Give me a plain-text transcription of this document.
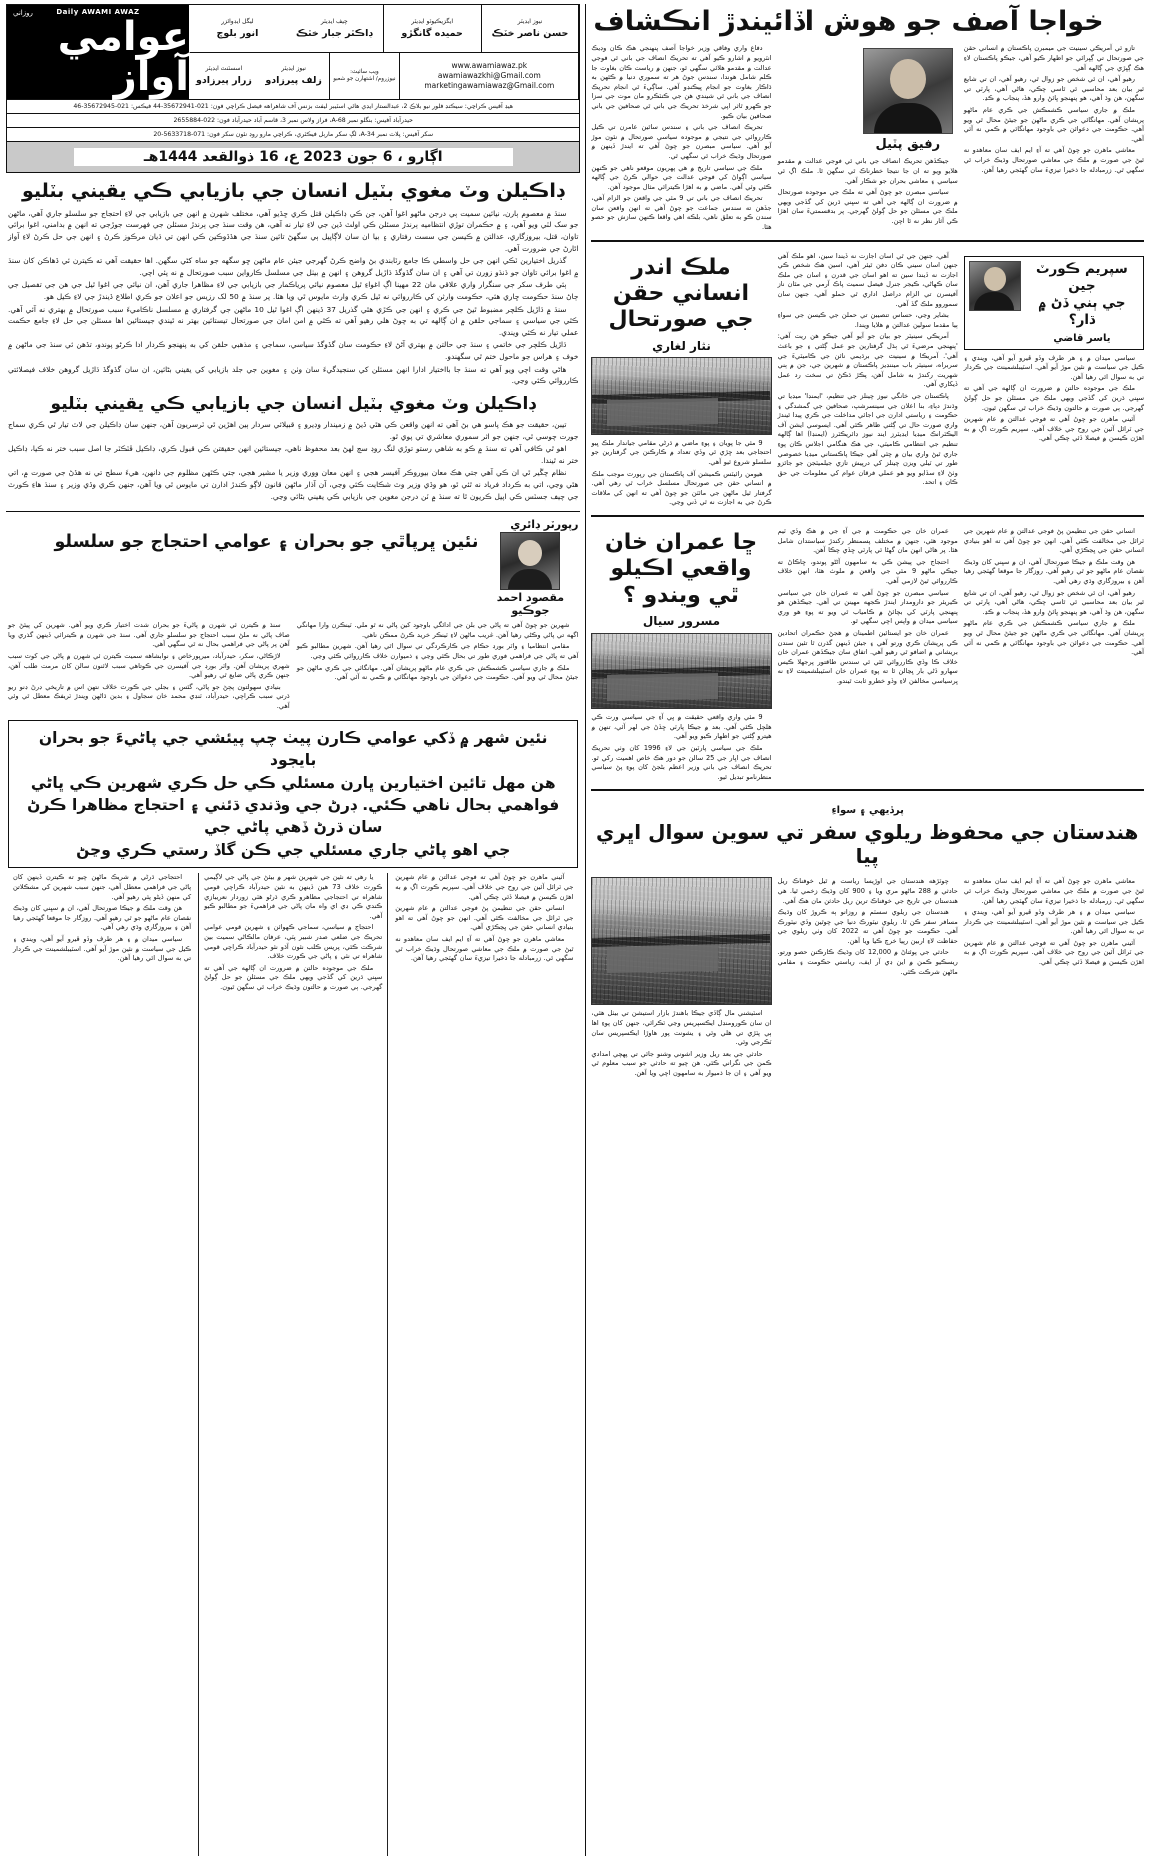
روزاني	Daily AWAMI AWAZ
عوامي آواز
ليگل ايڊوائزر
انور بلوچ
چيف ايڊيٽر
ڊاڪٽر جبار خٽڪ
ايگزيڪيوٽو ايڊيٽر
حميده گانگڙو
نيوز ايڊيٽر
حسن ناصر خٽڪ
اسسٽنٽ ايڊيٽر
زرار پيرزادو
نيوز ايڊيٽر
زلف پيرزادو
ويب سائيٽ:
نيوزروم/ اشتهارن جو شعبو
www.awamiawaz.pk
awamiawazkhi@Gmail.com
marketingawamiawaz@Gmail.com
هيڊ آفيس ڪراچي: سيڪنڊ فلور نيو بلاڪ 2، عبدالستار ايڊي هائي اسٽيبر ليفٽ بزنس آف شاهراهه فيصل ڪراچي فون: 021-35672941-44 فيڪس: 021-35672945-46
حيدرآباد آفيس: بنگلو نمبر A-68، فراز ولاس نمبر 3، قاسم آباد حيدرآباد فون: 022-2655884
سکر آفيس: پلاٽ نمبر A-34، لڳ سکر ماربل فيڪٽري، ڪراچي مارو روڊ نئون سکر فون: 071-5633718-20
اڳارو ، 6 جون 2023 ع، 16 ذوالقعد 1444هـ
ڊاڪيلن وٽ مغوي بٽيل انسان جي بازيابي ڪي يقيني بٽليو

سنڌ ۾ معصوم ٻارن، نيائين سميت ٻي درجن ماڻهو اغوا آهن، جن ڪي ڊاڪيلن قتل ڪري ڇڏيو آهي، مختلف شهرن ۾ انهن جي بازيابي جي لاءِ احتجاج جو سلسلو جاري آهي، ماڻهن جو سک لٽي ويو آهي، ۽ ۾ حڪمران توڙي انتظاميه ٻرندڙ مسئلن ڪي اولٽ ڏين جي لاءِ تيار نه آهي، هن وقت سنڌ جي ٻرندڙ مسئلن جي فهرست جوڙجي ته انهن ۾ بدامني، اغوا برائي تاوان، قتل، بيروزگاري، عدالتن ۾ ڪيسن جي سست رفتاري ۽ بيا ان سان لاڳاپيل ٻي سگهڻ تائين سنڌ جي هڏڏوڪين ڪي انهن تي ڌيان مرڪوز ڪرڻ ۽ انهن جي حل ڪرڻ لاءِ آواز اٿارڻ جي ضرورت آهي.

گذريل اختيارين ٽڪي انهن جي حل واسطي ڪا جامع رٽابندي بڻ واضح ڪرڻ گهرجي جيئن عام ماڻهن ڇو سگهه جو ساه کڻي سگهن. اها حقيقت آهي ته ڪيترن ئي ڏهاڪن کان سنڌ ۾ اغوا برائي تاوان جو ڌنڌو زورن تي آهي ۽ ان سان گڏوگڏ ڌاڙيل گروهن ۽ انهن ۾ بيٺل جي مسلسل ڪارواين سبب صورتحال ۾ نه پئي اچي.

ٻئي طرف سکر جي سنگرار واري علاقي مان 22 مهينا اڳ اغواءِ ٿيل معصوم نيائي پرياڪمار جي بازيابي جي لاءِ مظاهرا جاري آهن، ان نيائي جي اغوا ٿيل جي هن جي تفصيل جي ڄاڻ سنڌ حڪومت ڇاري هئي، حڪومت وارثن کي ڪارروائي نه ٿيل ڪري وارث مايوس ٿي ويا هئا. پر سنڌ ۾ 50 لک رزيس جو اعلان جو ڪري اطلاع ڏيندڙ جي لاءِ ڪيل هو.

سنڌ ۾ ڌاڙيل ڪلچر مضبوط ٿيڻ جي ڪري ۽ انهن جي ڪڙي هٿي گذريل 37 ڏينهن اڳ اغوا ٿيل 10 ماڻهن جي گرفتاري ۾ مسلسل ناڪاميءَ سبب صورتحال ۾ بهتري نه آئي آهي. ڪٿي جي سياسي ۽ سماجي حلقن ۾ ان ڳالهه تي به چوڻ هلي رهيو آهي ته ڪٿي ۾ امن امان جي صورتحال تيستائين بهتر نه ٿيندي جيستائين اها مسئلن جي حل لاءِ جامع حڪمت عملي تيار نه ڪئي ويندي.

ڌاڙيل ڪلچر جي خاتمي ۽ سنڌ جي حالتن ۾ بهتري آڻڻ لاءِ حڪومت سان گڏوگڏ سياسي، سماجي ۽ مذهبي حلقن کي به پنهنجو ڪردار ادا ڪرڻو پوندو، تڏهن ئي سنڌ جي ماڻهن ۾ خوف ۽ هراس جو ماحول ختم ٿي سگهندو.

هاڻي وقت اچي ويو آهي ته سنڌ جا بااختيار ادارا انهن مسئلن کي سنجيدگيءَ سان وٺن ۽ مغوين جي جلد بازيابي کي يقيني بڻائين، ان سان گڏوگڏ ڌاڙيل گروهن خلاف فيصلائتي ڪارروائي ڪئي وڃي.

ڊاڪيلن وٽ مغوي بٽيل انسان جي بازيابي ڪي يقيني بٽليو

تيبن، حقيقت جو هڪ پاسو هي بڻ آهي ته انهن واقعن ڪي هٿي ڏيڻ ۾ زميندار وڊيرو ۽ قبيلائي سردار ٻين اهڙين ٿي ٽرسريون آهن، جنهن سان ڊاڪيلن جي لاٽ تيار ٿي ڪري سماج جورت چوسي ٿي، جنهن جو اثر سموري معاشري تي پوي ٿو.

اهو ٿي ڪافي آهي ته سنڌ ۾ ڪو به شاهي رستو توڙي لنگ روڊ سڄ لهڻ بعد محفوظ ناهي، جيستائين انهن حقيقتن ڪي قبول ڪري، ڊاڪيل ڦٽڪٽر جا اصل سبب ختر نه ڪيا، ڊاڪيل ختر نه ٿيندا.

نظام چڱير ٿي ان ڪي آهي جتي هڪ معان بيوروڪر آفيسر هجي ۽ انهن معان ووري وزير يا مشير هجي، جتي ڪٿهن مظلوم جي دانهن، هيءَ سطح تي نه هڏڻ جي صورت ۾، اتي هٿي وڃي، اتي به ڪرداد فرياد نه ٿئي ٿو، هو وڏي وزير وٽ شڪايت ڪئي وڃي، آن آذار ماڻهن قانون لاڳو ڪندڙ ادارن تي مايوس ٿي ويا آهن، جنهن ڪري وڏي وزير ۽ سنڌ هاءِ ڪورٽ جي چيف جسٽس ڪي اپيل ڪريون ٿا ته سنڌ ۾ ٽن درجن مغوين جي بازيابي ڪي يقيني بڻائي وڃي.

رپورٽر ڊائري
نئين ڀرپاٿي جو بحران ۽ عوامي احتجاج جو سلسلو
مقصود احمد جوڪيو

سنڌ ۾ ڪيترن ئي شهرن ۾ پاڻيءَ جو بحران شدت اختيار ڪري ويو آهي. شهرين کي پيئڻ جو صاف پاڻي نه ملڻ سبب احتجاج جو سلسلو جاري آهي. سنڌ جي شهرن ۾ ڪيترائي ڏينهن گذري ويا آهن پر پاڻي جي فراهمي بحال نه ٿي سگهي آهي.

لاڙڪاڻي، سکر، حيدرآباد، ميرپورخاص ۽ نوابشاهه سميت ڪيترن ئي شهرن ۾ پاڻي جي کوٽ سبب شهري پريشان آهن. واٽر بورڊ جي آفيسرن جي ڪوتاهي سبب لائنون سالن کان مرمت طلب آهن، جنهن ڪري پاڻي ضايع ٿي رهيو آهي.

بنيادي سهولتون پڄڻ جو پاڻي، گئس ۽ بجلي جي ڪورٽ خلاف نتهن اس ۾ تاريخي ڊرڻ ڊنو ريو ڌرتي سبب ڪراچي، حيدرآباد، ٽنڊي محمد خان سجاول ۽ بدين ڌاڻهن ويندڙ ٽريفڪ معطل ٿي وئي آهي.

شهرين جو چوڻ آهي ته پاڻي جي بلن جي ادائگي باوجود کين پاڻي نه ٿو ملي. ٽينڪرن وارا مهانگي اگهه تي پاڻي وڪڻي رهيا آهن. غريب ماڻهن لاءِ ٽينڪر خريد ڪرڻ ممڪن ناهي.

مقامي انتظاميا ۽ واٽر بورڊ حڪام جي ڪارڪردگي تي سوال اٿي رهيا آهن. شهرين مطالبو ڪيو آهي ته پاڻي جي فراهمي فوري طور تي بحال ڪئي وڃي ۽ ذميوارن خلاف ڪارروائي ڪئي وڃي.

ملڪ ۾ جاري سياسي ڪشمڪش جي ڪري عام ماڻهو پريشان آهي. مهانگائي جي ڪري ماڻهن جو جيئڻ محال ٿي ويو آهي. حڪومت جي دعوائن جي باوجود مهانگائي ۾ ڪمي نه آئي آهي.

نئين شهر ۾ ڏکي عوامي ڪارن پيٺ چپ پيئشي جي پاڻيءَ جو بحران بايجود
هن مهل تائين اختيارين ڀارن مسئلي ڪي حل ڪري شهرين ڪي ڀاڻي
فواهمي بحال ناهي ڪئي. ڊرڻ جي وڌندي ڌئني ۽ احتجاج مظاهرا ڪرڻ سان ڌرڻ ڏهي پاڻي جي
جي اهو پاڻي جاري مسئلي جي ڪن گاڏ رستي ڪري وڃڻ

احتجاجي ڌرڻي ۾ شريڪ ماڻهن چيو ته ڪيترن ڏينهن کان پاڻي جي فراهمي معطل آهي، جنهن سبب شهرين کي مشڪلاتن کي منهن ڏيڻو پئي رهيو آهي.

هن وقت ملڪ ۾ جيڪا صورتحال آهي، ان ۾ سڀني کان وڌيڪ نقصان عام ماڻهو جو ٿي رهيو آهي. روزگار جا موقعا گهٽجي رهيا آهن ۽ بيروزگاري وڌي رهي آهي.

سياسي ميدان ۾ ۽ هر طرف وڏو ڦيرو آيو آهي، ويندي ۽ ڪيل جي سياست ۾ نئين موڙ آيو آهي. اسٽيبلشمينٽ جي ڪردار تي به سوال اٿي رهيا آهن.

يا رهي ته نئين جي شهرين شهر ۾ بيئڻ جي پاڻي جي لاڳيمي ڪورٽ خلاف 73 هين ڏينهن به نئين حيدرآباد ڪراچي قومي شاهراه تي احتجاجي مظاهرو ڪري ڌرڻو هٽي زوردار نعريبازي ڪندي ڪي ڊي اي واه مان پاڻي جي فراهميءَ جو مطالبو ڪيو آهي.

احتجاج ۾ سياسي، سماجي ڪهوائن ۽ شهرين قومي عوامي تحريڪ جي ضلعي صدر شبير پٽي، عرفان مالڪاڻي سميت بين شرڪت ڪئي، پريس ڪلب نئون آڌو نئو حيدرآباد ڪراچي قومي شاهراه تي نئي ۽ پاڻي جي ڪورٽ خلاف.

ملڪ جي موجوده حالتن ۾ ضرورت ان ڳالهه جي آهي ته سڀني ڌرين کي گڏجي ويهي ملڪ جي مسئلن جو حل ڳولڻ گهرجي. ٻي صورت ۾ حالتون وڌيڪ خراب ٿي سگهن ٿيون.

آئيني ماهرن جو چوڻ آهي ته فوجي عدالتن ۾ عام شهرين جي ٽرائل آئين جي روح جي خلاف آهي. سپريم ڪورٽ اڳ ۾ به اهڙن ڪيسن ۾ فيصلا ڏئي چڪي آهي.

انساني حقن جي تنظيمن پڻ فوجي عدالتن ۾ عام شهرين جي ٽرائل جي مخالفت ڪئي آهي. انهن جو چوڻ آهي ته اهو بنيادي انساني حقن جي ڀڃڪڙي آهي.

معاشي ماهرن جو چوڻ آهي ته آءِ ايم ايف سان معاهدو نه ٿيڻ جي صورت ۾ ملڪ جي معاشي صورتحال وڌيڪ خراب ٿي سگهي ٿي. زرمبادله جا ذخيرا تيزيءَ سان گهٽجي رهيا آهن.

خواجا آصف جو هوش اڏائيندڙ انڪشاف

دفاع واري وفاقي وزير خواجا آصف پنهنجي هڪ ڪان وڊيڪ انٽرويو ۾ اشارو ڪيو آهي ته تحريڪ انصاف جي باني ٿي فوجي عدالت ۾ مقدمو هلائي سگهي ٿو، جنهن ۾ رياست ڪان بغاوت جا ڪلم شامل هوندا، سندس جوڻ هر ته سموري دنيا ۾ ڪٿهن به ڌاڪار بغاوت جو انجام ڀيڪنڊو آهي. ساڳيءَ ٿي انجام تحريڪ انصاف جي باني ٿي شيندي هن جي ڪنٽڪرو مان موت جي سزا جو ڪهرو ٿاثر اپي شرخذ تحريڪ جي باني ٿي صحافين جي باني صحافين بيان ڪيو.

تحريڪ انصاف جي باني ۽ سندس ساٿين عامرن تي ڪيل ڪارروائي جي نتيجي ۾ موجوده سياسي صورتحال ۾ نئون موڙ آيو آهي. سياسي مبصرن جو چوڻ آهي ته ايندڙ ڏينهن ۾ صورتحال وڌيڪ خراب ٿي سگهي ٿي.

ملڪ جي سياسي تاريخ ۾ هي پهريون موقعو ناهي جو ڪنهن سياسي اڳواڻ کي فوجي عدالت جي حوالي ڪرڻ جي ڳالهه ڪئي وئي آهي. ماضي ۾ به اهڙا ڪيترائي مثال موجود آهن.

تحريڪ انصاف جي باني تي 9 مئي جي واقعن جو الزام آهي، جڏهن ته سندس جماعت جو چوڻ آهي ته انهن واقعن سان سندن ڪو به تعلق ناهي، بلڪه اهي واقعا ڪنهن سازش جو حصو هئا.

رفيق پٽيل

جيڪڏهن تحريڪ انصاف جي باني ٿي فوجي عدالت ۾ مقدمو هلايو ويو ته ان جا نتيجا خطرناڪ ٿي سگهن ٿا. ملڪ اڳ ئي سياسي ۽ معاشي بحران جو شڪار آهي.

سياسي مبصرن جو چوڻ آهي ته ملڪ جي موجوده صورتحال ۾ ضرورت ان ڳالهه جي آهي ته سڀني ڌرين کي گڏجي ويهي ملڪ جي مسئلن جو حل ڳولڻ گهرجي. پر بدقسمتيءَ سان اهڙا ڪي آثار نظر نه ٿا اچن.

تازو ئي آمريڪي سينيٽ جي ميمبرن پاڪستان ۾ انساني حقن جي صورتحال تي ڳڀرائي جو اظهار ڪيو آهي، جيڪو پاڪستان لاءِ هڪ ڳڀڙي جي ڳالهه آهي.

رهيو آهي، ان ٿي شخص جو زوال ٿي، رهيو آهي، ان تي شايع ٿير بيان بعد محاسبي ٿي ٿاسي چڪي، هاڻي آهي، پارٽي تي سگهن، هن وڌ آهي، هو پنهنجو ڀائڻ وارو هڏ، پنجاب ۾ ڪڍ.

ملڪ ۾ جاري سياسي ڪشمڪش جي ڪري عام ماڻهو پريشان آهي. مهانگائي جي ڪري ماڻهن جو جيئڻ محال ٿي ويو آهي. حڪومت جي دعوائن جي باوجود مهانگائي ۾ ڪمي نه آئي آهي.

معاشي ماهرن جو چوڻ آهي ته آءِ ايم ايف سان معاهدو نه ٿيڻ جي صورت ۾ ملڪ جي معاشي صورتحال وڌيڪ خراب ٿي سگهي ٿي. زرمبادله جا ذخيرا تيزيءَ سان گهٽجي رهيا آهن.

ملڪ اندر انساني حقن جي صورتحال
نثار لغاري

9 مئي جا پويان ۽ پوءِ ماضي ۾ ڌرڻي مقامي جياندار ملڪ ڀيو احتجاجي بعد ڇڙي ٿي وڏي تعداد ۾ ڪارڪنن جي گرفتارين جو سلسلو شروع ٿيو آهي.

هيومن رائيٽس ڪميشن آف پاڪستان جي رپورٽ موجب ملڪ ۾ انساني حقن جي صورتحال مسلسل خراب ٿي رهي آهي. گرفتار ٿيل ماڻهن جي مائٽن جو چوڻ آهي ته انهن کي ملاقات ڪرڻ جي به اجازت نه ٿي ڏني وڃي.

آهي، جنهن جي ٿي اسان اجازت نه ڏيندا سين، اهو ملڪ آهي جنهن اسان سيني ڪان دفن ٿيئر آهي، اسين هڪ شخص ڪي اجازت نه ڏيندا سين ته اهو اسان جي قدرن ۽ اسان جي ملڪ سان ڪهاڻي، ڪيجر جنرل فيصل سميت پاڪ آرمي جي مٿان ناز آفيسرن تي الزام دراصل اداري ٿي حملو آهي، جنهن سان سموروو ملڪ گڏ آهي.

بشاير وڃي، حساس تنصيبن تي حملن جي ڪيسن جي سواءِ ٻيا مقدما سولين عدالتن ۾ هلايا ويندا.

آمريڪي سينيٽر جو بيان جو آيو آهي جيڪو هن ريت آهي: 'پنهنجي مرضيءَ ٿي ٻڌل گرفتارين جو عمل ڳڻتي ۽ جو باعث آهي'. آمريڪا ۾ سينيٽ جي برڌيمي نائن جي ڪاميٽيءَ جي سربراه، سينيٽر باب ميننڊيز پاڪستان ۾ شهرين جي، جن ۾ ٻني شهريت رکندڙ به شامل آهن، پڪڙ ڌڪڻ تي سخت رد عمل ڏيکاري آهي.

پاڪستان جي خانگي نيوز چينلز جي تنظيم، 'ايمنڊا' ميڊيا تي وڌندڙ دٻاءِ، بنا اعلان جي سينسرشپ، صحافين جي گمشدگي ۽ حڪومت ۽ رياستي ادارن جي اجائي مداخلت جي ڪري پيدا ٿيندڙ واري صورت حال تي ڳڻتي ظاهر ڪئي آهي. ايسوسي ايشن آف اليڪٽرانڪ ميڊيا ايڊيٽرز ايند نيوز ڊائريڪٽرز (ايمنڊا) اها ڳالهه تنظيم جي انتظامي ڪاميٽي، جي هڪ هنگامي اجلاس ڪان پوءِ جاري ٿيڻ واري بيان ۾ چئي آهي جيڪا پاڪستاني ميڊيا خصوصي طور تي ٽيلي ويزن چينلز کي درپيش تازي جيلميٽجن جو جائزو وٺڻ لاءِ سڏايو ويو هو عملي فرقان عوام کي معلومات جي حق ڪان ۽ اتحد.

سپريم ڪورٽ جين
جي ٻني ڏڻ ۾ ڌار؟
ياسر قاضي

سياسي ميدان ۾ ۽ هر طرف وڏو ڦيرو آيو آهي، ويندي ۽ ڪيل جي سياست ۾ نئين موڙ آيو آهي. اسٽيبلشمينٽ جي ڪردار تي به سوال اٿي رهيا آهن.

ملڪ جي موجوده حالتن ۾ ضرورت ان ڳالهه جي آهي ته سڀني ڌرين کي گڏجي ويهي ملڪ جي مسئلن جو حل ڳولڻ گهرجي. ٻي صورت ۾ حالتون وڌيڪ خراب ٿي سگهن ٿيون.

آئيني ماهرن جو چوڻ آهي ته فوجي عدالتن ۾ عام شهرين جي ٽرائل آئين جي روح جي خلاف آهي. سپريم ڪورٽ اڳ ۾ به اهڙن ڪيسن ۾ فيصلا ڏئي چڪي آهي.

ڇا عمران خان واقعي اڪيلو ٿي ويندو ؟
مسرور سيال

9 مئي واري واقعي حقيقت ۾ ڀي آءِ جي سياسي ورت ڪي هلچل ڪئي آهي. بعد ۾ جيڪا پارٽي ڇڏڻ جي لهر آئي، تنهن ۾ هيترو ڳڻتي جو اظهار ڪيو ويو آهي.

ملڪ جي سياسي پارٽين جي لاءِ 1996 کان وٺي تحريڪ انصاف جي اڀار جي 25 سالن جو دور هڪ خاص اهميت رکي ٿو. تحريڪ انصاف جي باني وزير اعظم بڻجڻ کان پوءِ پڻ سياسي منظرنامو تبديل ٿيو.

عمران خان جي حڪومت ۾ جي آءِ جي ۾ هڪ وڏي ٽيم موجود هئي، جنهن ۾ مختلف پسمنظر رکندڙ سياستدان شامل هئا. پر هاڻي انهن مان گهڻا ئي پارٽي ڇڏي چڪا آهن.

احتجاج جي پيشن ڪي به سامهون آڻڻو پوندو، ڇاڪاڻ ته جيڪي ماڻهو 9 مئي جي واقعن ۾ ملوث هئا، انهن خلاف ڪارروائي ٿيڻ لازمي آهي.

سياسي مبصرن جو چوڻ آهي ته عمران خان جي سياسي ڪيريئر جو دارومدار ايندڙ ڪجهه مهينن تي آهي. جيڪڏهن هو پنهنجي پارٽي کي بچائڻ ۾ ڪامياب ٿي ويو ته پوءِ هو وري سياسي ميدان ۾ واپس اچي سگهي ٿو.

عمران خان جو ايستائين اطمينان ۾ هجڻ حڪمران اتحادين ڪي پريشان ڪري ورتو آهي ۽ جيئن ڏينهن گذرن ٿا تئين سندن بريشاني ۾ اضافو ٿي رهيو آهي. اتفاق سان جيڪڏهن عمران خان خلاف ڪا وڏي ڪارروائي ٿئي ٿي سندس طاقتور پرجهلا ڪيس سهارو ڏڻي بار ڀڃالن ٿا ته پوءِ عمران خان اسٽيبلشمينٽ لاءِ نه ڀرسياسي مخالفن لاءِ وڏو خطرو ثابت ٿيندو.

انساني حقن جي تنظيمن پڻ فوجي عدالتن ۾ عام شهرين جي ٽرائل جي مخالفت ڪئي آهي. انهن جو چوڻ آهي ته اهو بنيادي انساني حقن جي ڀڃڪڙي آهي.

هن وقت ملڪ ۾ جيڪا صورتحال آهي، ان ۾ سڀني کان وڌيڪ نقصان عام ماڻهو جو ٿي رهيو آهي. روزگار جا موقعا گهٽجي رهيا آهن ۽ بيروزگاري وڌي رهي آهي.

رهيو آهي، ان ٿي شخص جو زوال ٿي، رهيو آهي، ان تي شايع ٿير بيان بعد محاسبي ٿي ٿاسي چڪي، هاڻي آهي، پارٽي تي سگهن، هن وڌ آهي، هو پنهنجو ڀائڻ وارو هڏ، پنجاب ۾ ڪڍ.

ملڪ ۾ جاري سياسي ڪشمڪش جي ڪري عام ماڻهو پريشان آهي. مهانگائي جي ڪري ماڻهن جو جيئڻ محال ٿي ويو آهي. حڪومت جي دعوائن جي باوجود مهانگائي ۾ ڪمي نه آئي آهي.

پرڏيهي ۽ سواءِ
هندستان جي محفوظ ريلوي سفر تي سوين سوال اڀري پيا

اسٽيشني مال ڳاڏي جيڪا باهندڙ بازار استيشن تي بيٺل هئي، ان سان ڪورومنڊل ايڪسپريس وڃي ٽڪرائي، جنهن کان پوءِ اها ٻي پٽڙي تي هلي وئي ۽ يشونت پور هاوڙا ايڪسپريس سان ٽڪرجي وئي.

حادثي جي بعد ريل وزير اشوني وشنو جائي تي پهچي امدادي ڪمن جي نگراني ڪئي. هن چيو ته حادثي جو سبب معلوم ٿي ويو آهي ۽ ان جا ذميوار به سامهون اچي ويا آهن.

چوٽڙهه هندستان جي اوڙيسا رياست ۾ ٿيل خوفناڪ ريل حادثي ۾ 288 ماڻهو مري ويا ۽ 900 کان وڌيڪ زخمي ٿيا. هي هندستان جي تاريخ جي خوفناڪ ترين ريل حادثن مان هڪ آهي.

هندستان جي ريلوي سسٽم ۾ روزانو ٻه ڪروڙ کان وڌيڪ مسافر سفر ڪن ٿا. ريلوي نيٽورڪ دنيا جي چوٿين وڏي نيٽورڪ آهي. حڪومت جو چوڻ آهي ته 2022 کان وٺي ريلوي جي حفاظت لاءِ اربين رپيا خرچ ڪيا ويا آهن.

حادثي جي پوئتاڻ ۾ 12,000 کان وڌيڪ ڪارڪنن حصو ورتو. ريسڪيو ڪمن ۾ اين ڊي آر ايف، رياستي حڪومت ۽ مقامي ماڻهن شرڪت ڪئي.

معاشي ماهرن جو چوڻ آهي ته آءِ ايم ايف سان معاهدو نه ٿيڻ جي صورت ۾ ملڪ جي معاشي صورتحال وڌيڪ خراب ٿي سگهي ٿي. زرمبادله جا ذخيرا تيزيءَ سان گهٽجي رهيا آهن.

سياسي ميدان ۾ ۽ هر طرف وڏو ڦيرو آيو آهي، ويندي ۽ ڪيل جي سياست ۾ نئين موڙ آيو آهي. اسٽيبلشمينٽ جي ڪردار تي به سوال اٿي رهيا آهن.

آئيني ماهرن جو چوڻ آهي ته فوجي عدالتن ۾ عام شهرين جي ٽرائل آئين جي روح جي خلاف آهي. سپريم ڪورٽ اڳ ۾ به اهڙن ڪيسن ۾ فيصلا ڏئي چڪي آهي.
